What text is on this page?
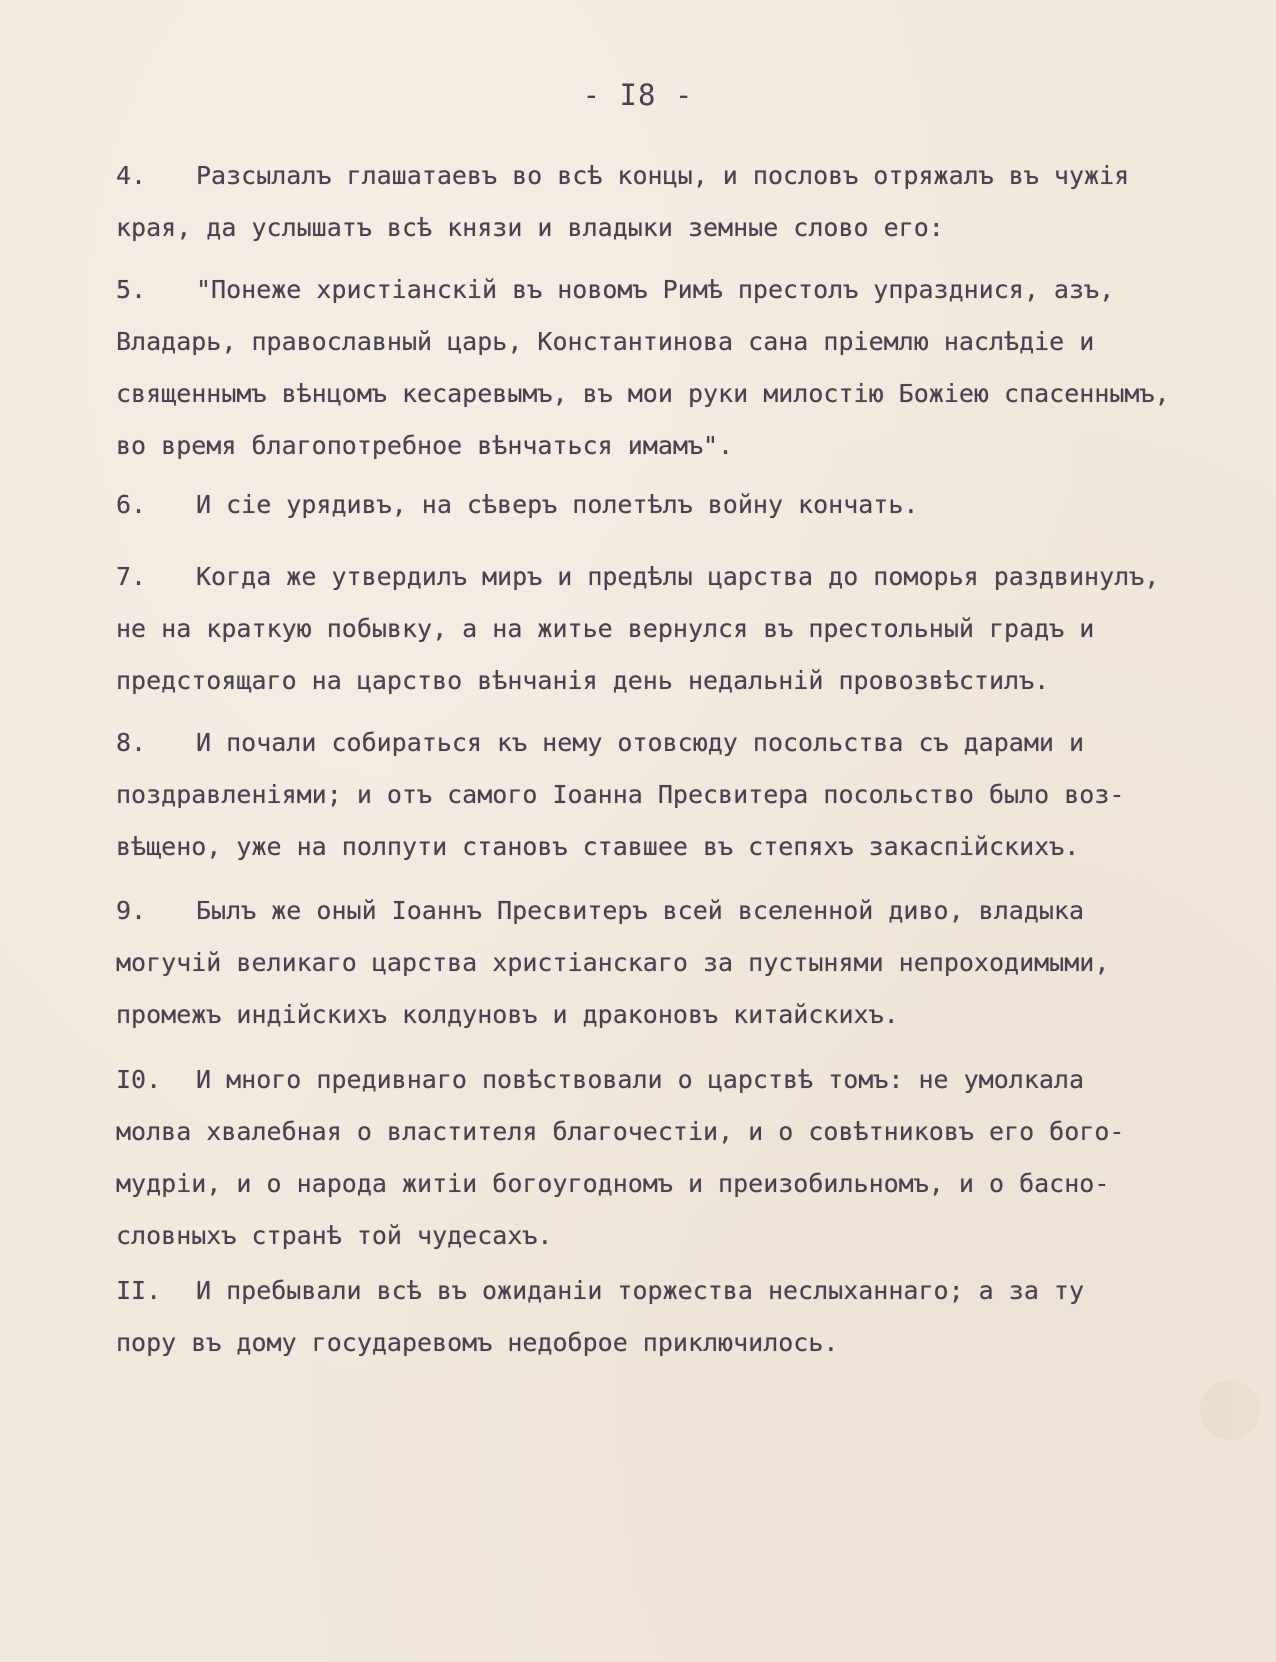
- I8 -
4. Разсылалъ глашатаевъ во всѣ концы, и пословъ отряжалъ въ чужія
края, да услышатъ всѣ князи и владыки земные слово его:
5. "Понеже христіанскій въ новомъ Римѣ престолъ упразднися, азъ,
Владарь, православный царь, Константинова сана пріемлю наслѣдіе и
священнымъ вѣнцомъ кесаревымъ, въ мои руки милостію Божіею спасеннымъ,
во время благопотребное вѣнчаться имамъ".
6. И сіе урядивъ, на сѣверъ полетѣлъ войну кончать.
7. Когда же утвердилъ миръ и предѣлы царства до поморья раздвинулъ,
не на краткую побывку, а на житье вернулся въ престольный градъ и
предстоящаго на царство вѣнчанія день недальній провозвѣстилъ.
8. И почали собираться къ нему отовсюду посольства съ дарами и
поздравленіями; и отъ самого Іоанна Пресвитера посольство было воз-
вѣщено, уже на полпути становъ ставшее въ степяхъ закаспійскихъ.
9. Былъ же оный Іоаннъ Пресвитеръ всей вселенной диво, владыка
могучій великаго царства христіанскаго за пустынями непроходимыми,
промежъ индійскихъ колдуновъ и драконовъ китайскихъ.
I0. И много предивнаго повѣствовали о царствѣ томъ: не умолкала
молва хвалебная о властителя благочестіи, и о совѣтниковъ его бого-
мудріи, и о народа житіи богоугодномъ и преизобильномъ, и о басно-
словныхъ странѣ той чудесахъ.
II. И пребывали всѣ въ ожиданіи торжества неслыханнаго; а за ту
пору въ дому государевомъ недоброе приключилось.
